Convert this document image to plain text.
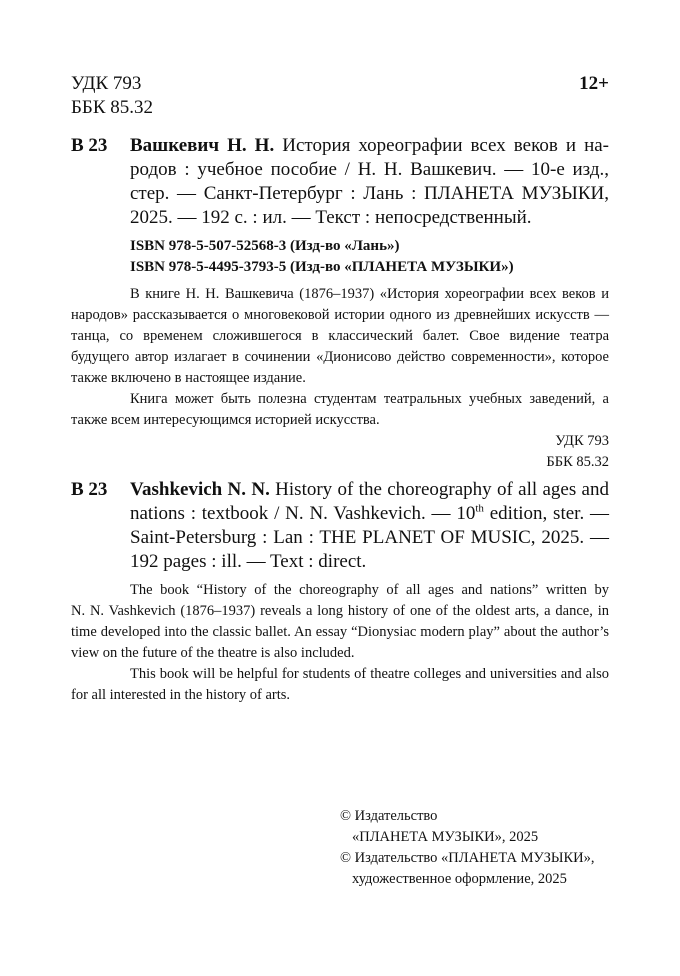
УДК 793
ББК 85.32
12+
В 23 Вашкевич Н. Н. История хореографии всех веков и на-
родов : учебное пособие / Н. Н. Вашкевич. — 10-е изд.,
стер. — Санкт-Петербург : Лань : ПЛАНЕТА МУЗЫКИ,
2025. — 192 с. : ил. — Текст : непосредственный.
ISBN 978-5-507-52568-3 (Изд-во «Лань»)
ISBN 978-5-4495-3793-5 (Изд-во «ПЛАНЕТА МУЗЫКИ»)
В книге Н. Н. Вашкевича (1876–1937) «История хореографии всех веков и
народов» рассказывается о многовековой истории одного из древнейших искусств —
танца, со временем сложившегося в классический балет. Свое видение театра
будущего автор излагает в сочинении «Дионисово действо современности», которое
также включено в настоящее издание.
Книга может быть полезна студентам театральных учебных заведений, а
также всем интересующимся историей искусства.
УДК 793
ББК 85.32
В 23 Vashkevich N. N. History of the choreography of all ages and
nations : textbook / N. N. Vashkevich. — 10th edition, ster. —
Saint-Petersburg : Lan : THE PLANET OF MUSIC, 2025. —
192 pages : ill. — Text : direct.
The book “History of the choreography of all ages and nations” written by
N. N. Vashkevich (1876–1937) reveals a long history of one of the oldest arts, a dance, in
time developed into the classic ballet. An essay “Dionysiac modern play” about the author’s
view on the future of the theatre is also included.
This book will be helpful for students of theatre colleges and universities and also
for all interested in the history of arts.
© Издательство
«ПЛАНЕТА МУЗЫКИ», 2025
© Издательство «ПЛАНЕТА МУЗЫКИ»,
художественное оформление, 2025
